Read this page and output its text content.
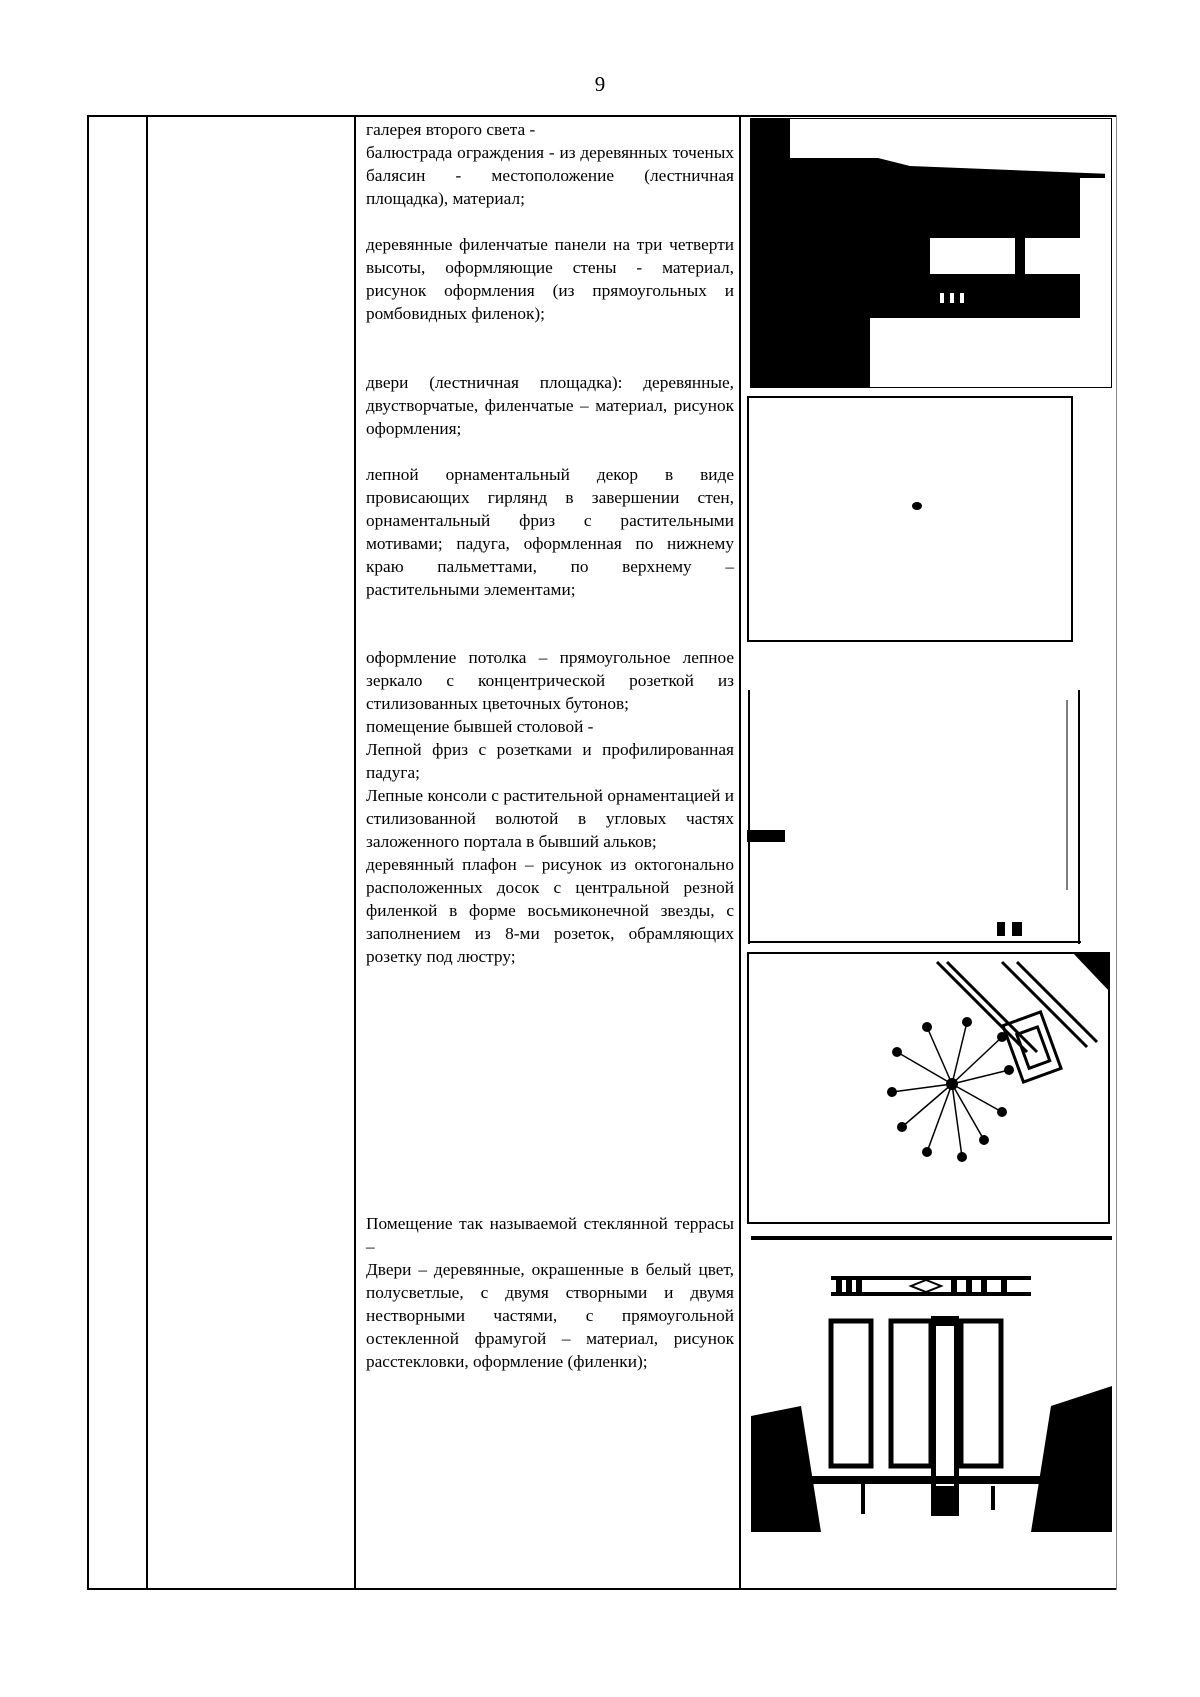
9

галерея второго света -

балюстрада ограждения - из деревянных точеных балясин - местоположение (лестничная площадка), материал;

деревянные филенчатые панели на три четверти высоты, оформляющие стены - материал, рисунок оформления (из прямоугольных и ромбовидных филенок);

двери (лестничная площадка): деревянные, двустворчатые, филенчатые – материал, рисунок оформления;

лепной орнаментальный декор в виде провисающих гирлянд в завершении стен, орнаментальный фриз с растительными мотивами; падуга, оформленная по нижнему краю пальметтами, по верхнему – растительными элементами;

оформление потолка – прямоугольное лепное зеркало с концентрической розеткой из стилизованных цветочных бутонов;

помещение бывшей столовой -

Лепной фриз с розетками и профилированная падуга;

Лепные консоли с растительной орнаментацией и стилизованной волютой в угловых частях заложенного портала в бывший альков;

деревянный плафон – рисунок из октогонально расположенных досок с центральной резной филенкой в форме восьмиконечной звезды, с заполнением из 8-ми розеток, обрамляющих розетку под люстру;

Помещение так называемой стеклянной террасы –

Двери – деревянные, окрашенные в белый цвет, полусветлые, с двумя створными и двумя нестворными частями, с прямоугольной остекленной фрамугой – материал, рисунок расстекловки, оформление (филенки);
